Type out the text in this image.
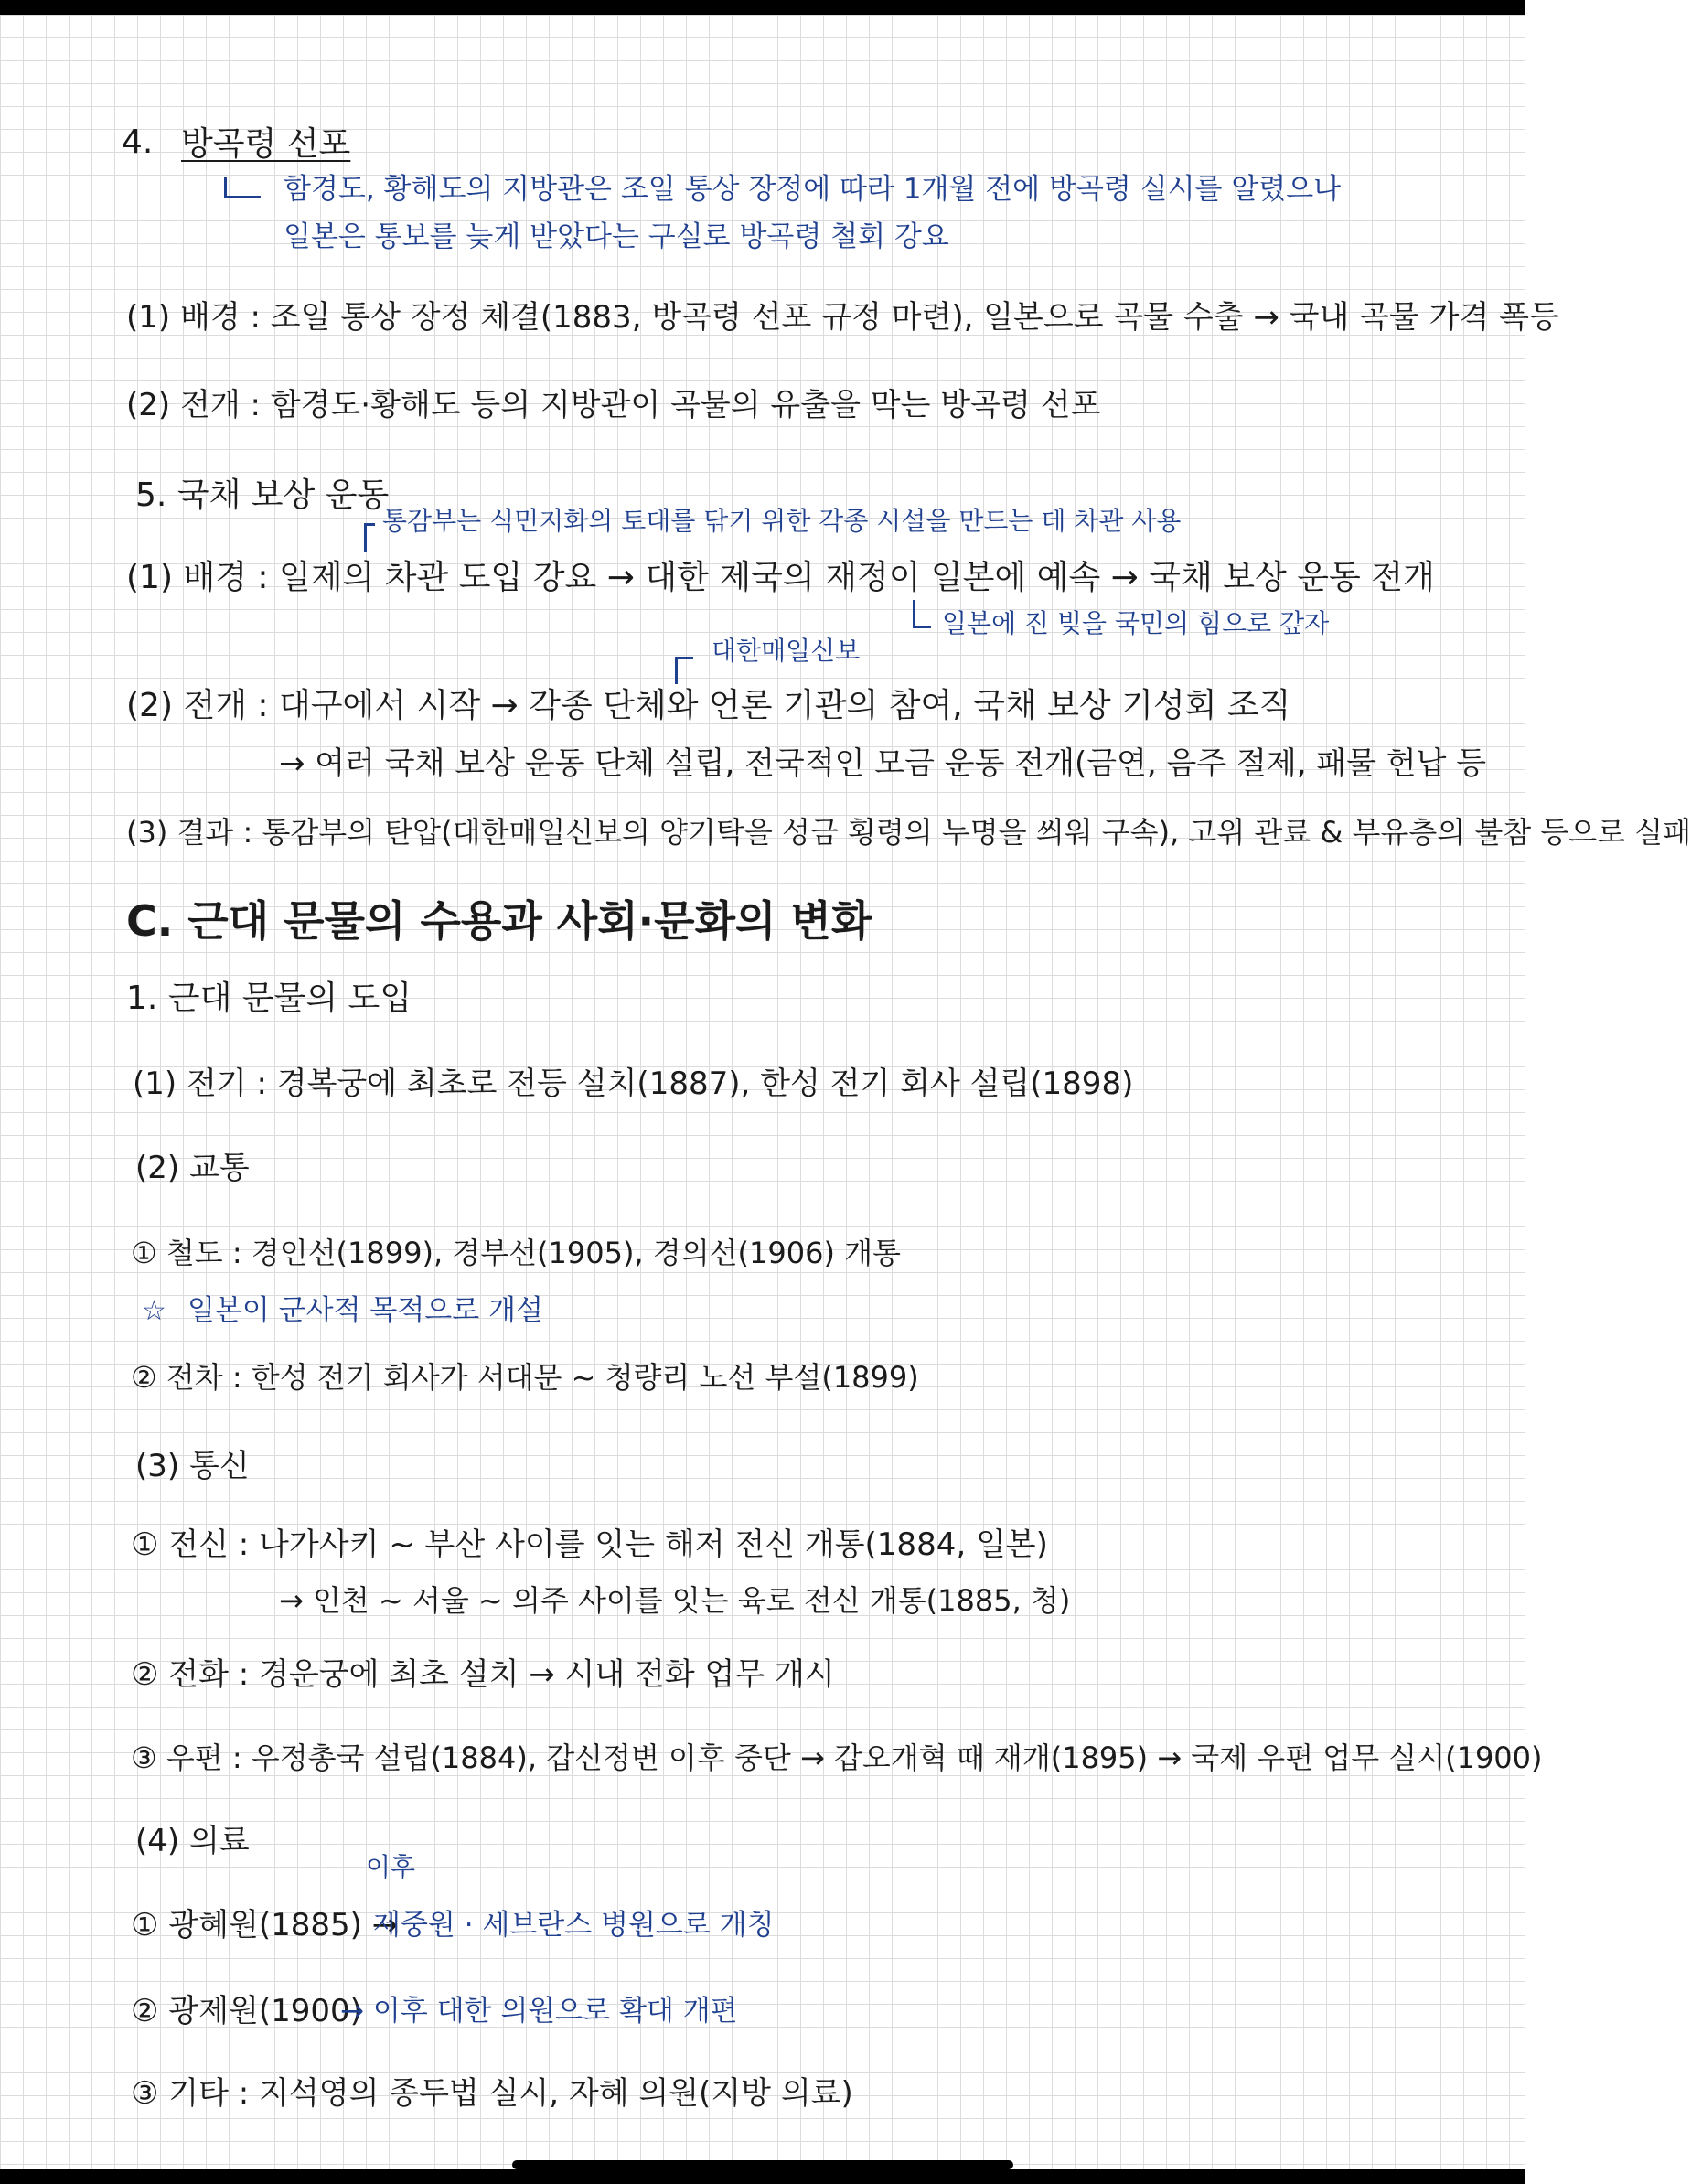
4. 방곡령 선포
함경도, 황해도의 지방관은 조일 통상 장정에 따라 1개월 전에 방곡령 실시를 알렸으나
일본은 통보를 늦게 받았다는 구실로 방곡령 철회 강요
(1) 배경 : 조일 통상 장정 체결(1883, 방곡령 선포 규정 마련), 일본으로 곡물 수출 → 국내 곡물 가격 폭등
(2) 전개 : 함경도·황해도 등의 지방관이 곡물의 유출을 막는 방곡령 선포
5. 국채 보상 운동
통감부는 식민지화의 토대를 닦기 위한 각종 시설을 만드는 데 차관 사용
(1) 배경 : 일제의 차관 도입 강요 → 대한 제국의 재정이 일본에 예속 → 국채 보상 운동 전개
일본에 진 빚을 국민의 힘으로 갚자
대한매일신보
(2) 전개 : 대구에서 시작 → 각종 단체와 언론 기관의 참여, 국채 보상 기성회 조직
→ 여러 국채 보상 운동 단체 설립, 전국적인 모금 운동 전개(금연, 음주 절제, 패물 헌납 등
(3) 결과 : 통감부의 탄압(대한매일신보의 양기탁을 성금 횡령의 누명을 씌워 구속), 고위 관료 & 부유층의 불참 등으로 실패
C. 근대 문물의 수용과 사회·문화의 변화
1. 근대 문물의 도입
(1) 전기 : 경복궁에 최초로 전등 설치(1887), 한성 전기 회사 설립(1898)
(2) 교통
① 철도 : 경인선(1899), 경부선(1905), 경의선(1906) 개통
☆ 일본이 군사적 목적으로 개설
② 전차 : 한성 전기 회사가 서대문 ~ 청량리 노선 부설(1899)
(3) 통신
① 전신 : 나가사키 ~ 부산 사이를 잇는 해저 전신 개통(1884, 일본)
→ 인천 ~ 서울 ~ 의주 사이를 잇는 육로 전신 개통(1885, 청)
② 전화 : 경운궁에 최초 설치 → 시내 전화 업무 개시
③ 우편 : 우정총국 설립(1884), 갑신정변 이후 중단 → 갑오개혁 때 재개(1895) → 국제 우편 업무 실시(1900)
(4) 의료
이후
① 광혜원(1885) →
제중원 · 세브란스 병원으로 개칭
② 광제원(1900)
→ 이후 대한 의원으로 확대 개편
③ 기타 : 지석영의 종두법 실시, 자혜 의원(지방 의료)
